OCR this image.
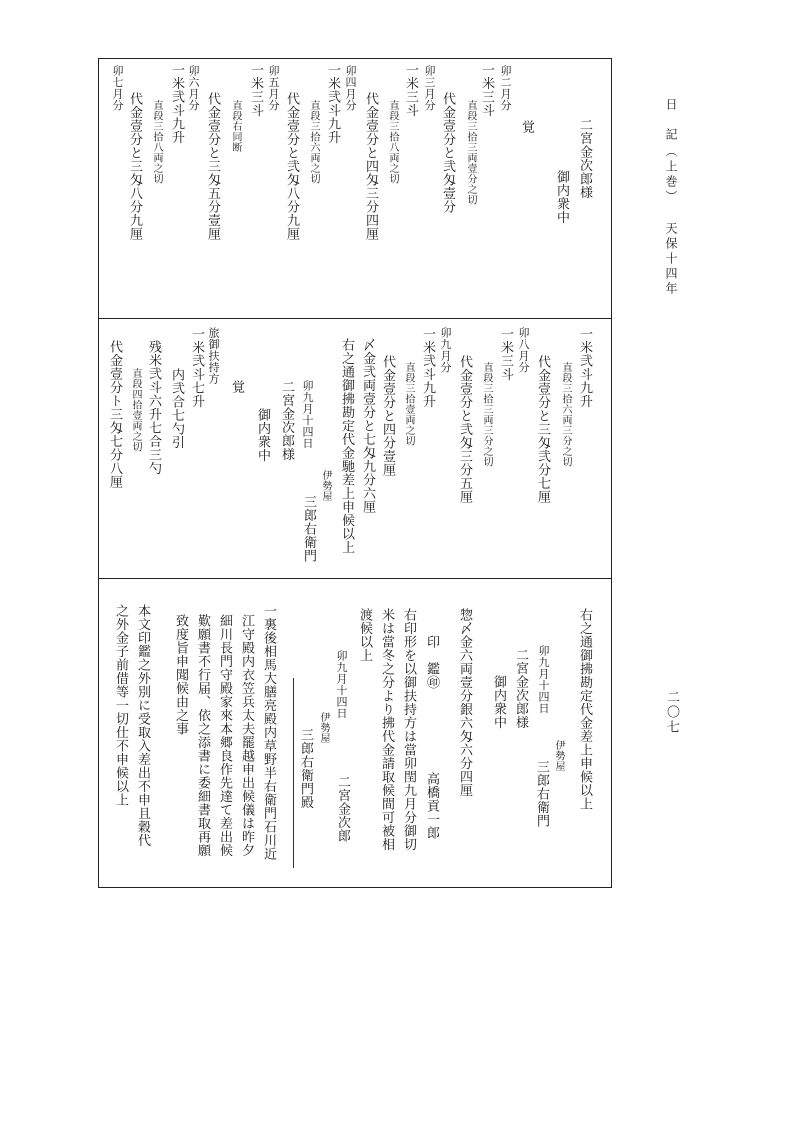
日　記
（上巻）
天保十四年
二〇七
二宮金次郎様
御内衆中
覚
卯二月分
一米三斗
直段三拾三両壹分之切
代金壹分と弐匁壹分
卯三月分
一米三斗
直段三拾八両之切
代金壹分と四匁三分四厘
卯四月分
一米弐斗九升
直段三拾六両之切
代金壹分と弐匁八分九厘
卯五月分
一米三斗
直段右同断
代金壹分と三匁五分壹厘
卯六月分
一米弐斗九升
直段三拾八両之切
代金壹分と三匁八分九厘
卯七月分
一米弐斗九升
直段三拾六両三分之切
代金壹分と三匁弐分七厘
卯八月分
一米三斗
直段三拾三両三分之切
代金壹分と弐匁三分五厘
卯九月分
一米弐斗九升
直段三拾壹両之切
代金壹分と四分壹厘
〆金弐両壹分と七匁九分六厘
右之通御拂勘定代金馳差上申候以上
卯九月十四日
伊勢屋
三郎右衛門
二宮金次郎様
御内衆中
覚
旅御扶持方
一米弐斗七升
内弐合七勺引
残米弐斗六升七合三勺
直段四拾壹両之切
代金壹分ト三匁七分八厘
右之通御拂勘定代金差上申候以上
卯九月十四日
伊勢屋
三郎右衛門
二宮金次郎様
御内衆中
惣〆金六両壹分銀六匁六分四厘
印　鑑㊞
高橋貢一郎
右印形を以御扶持方は當卯閏九月分御切
米は當冬之分より拂代金請取候間可被相
渡候以上
卯九月十四日
二宮金次郎
伊勢屋
三郎右衛門殿
一裏後相馬大膳亮殿内草野半右衛門石川近
江守殿内衣笠兵太夫罷越申出候儀は昨夕
細川長門守殿家來本郷良作先達て差出候
歎願書不行届、依之添書に委細書取再願
致度旨申聞候由之事
本文印鑑之外別に受取入差出不申且穀代
之外金子前借等一切仕不申候以上
